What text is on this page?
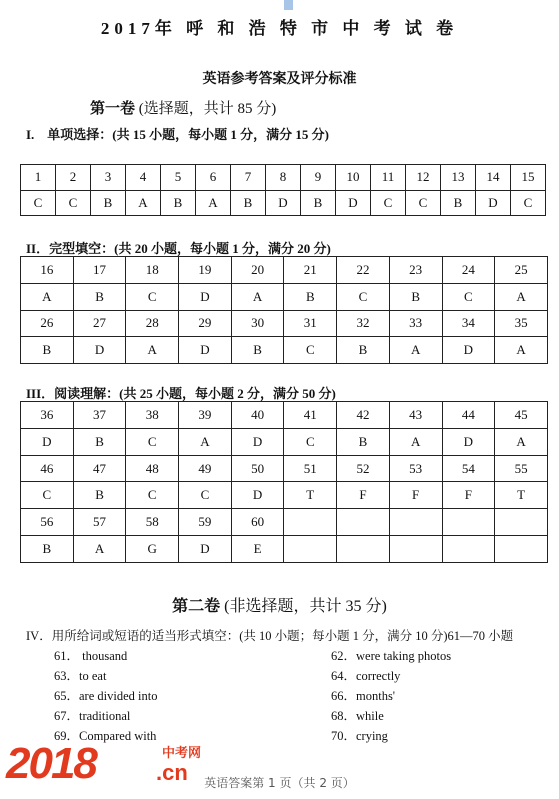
2017年 呼 和 浩 特 市 中 考 试 卷
英语参考答案及评分标准
第一卷 (选择题，共计 85 分)
I.　单项选择：(共 15 小题，每小题 1 分，满分 15 分)
1	2	3	4	5	6	7	8	9	10	11	12	13	14	15
C	C	B	A	B	A	B	D	B	D	C	C	B	D	C
II．完型填空：(共 20 小题，每小题 1 分，满分 20 分)
16	17	18	19	20	21	22	23	24	25
A	B	C	D	A	B	C	B	C	A
26	27	28	29	30	31	32	33	34	35
B	D	A	D	B	C	B	A	D	A
III．阅读理解：(共 25 小题，每小题 2 分，满分 50 分)
36	37	38	39	40	41	42	43	44	45
D	B	C	A	D	C	B	A	D	A
46	47	48	49	50	51	52	53	54	55
C	B	C	C	D	T	F	F	F	T
56	57	58	59	60					
B	A	G	D	E					
第二卷 (非选择题，共计 35 分)
IV．用所给词或短语的适当形式填空：(共 10 小题；每小题 1 分，满分 10 分)61—70 小题
61． thousand
63．to eat
65．are divided into
67．traditional
69．Compared with
62．were taking photos
64．correctly
66．months'
68．while
70．crying
2018	中考网
.cn	英语答案第 1 页（共 2 页）
